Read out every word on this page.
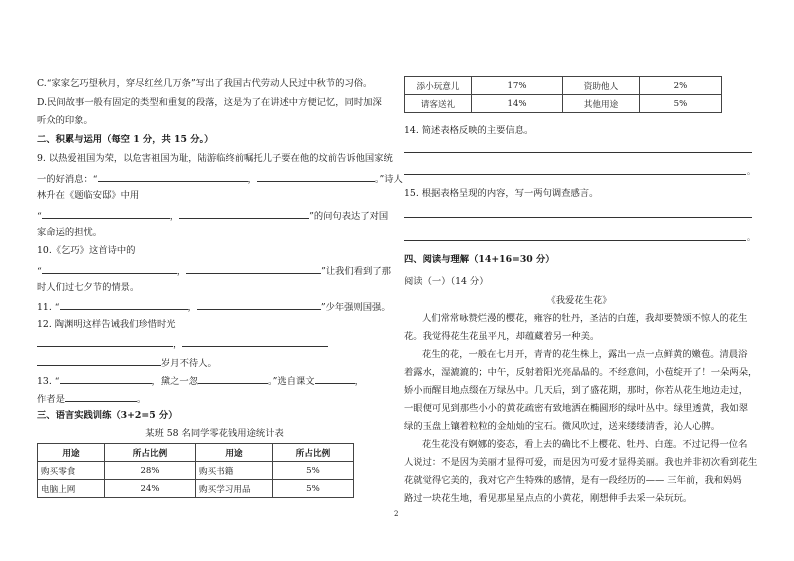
C.“家家乞巧望秋月，穿尽红丝几万条”写出了我国古代劳动人民过中秋节的习俗。
D.民间故事一般有固定的类型和重复的段落，这是为了在讲述中方便记忆，同时加深
听众的印象。
二、积累与运用（每空 1 分，共 15 分。）
9. 以热爱祖国为荣，以危害祖国为耻，陆游临终前嘱托儿子要在他的坟前告诉他国家统
一的好消息：“	，	。”诗人
林升在《题临安邸》中用
“	，	”的问句表达了对国
家命运的担忧。
10.《乞巧》这首诗中的
“	，	”让我们看到了那
时人们过七夕节的情景。
11. “	，	”少年强则国强。
12. 陶渊明这样告诫我们珍惜时光
，
岁月不待人。
13. “	，黛之一忽	。”选自课文	，
作者是	。
三、语言实践训练（3+2=5 分）
某班 58 名同学零花钱用途统计表
用途	所占比例	用途	所占比例
购买零食	28%	购买书籍	5%
电脑上网	24%	购买学习用品	5%
2
添小玩意儿	17%	资助他人	2%
请客送礼	14%	其他用途	5%
14. 简述表格反映的主要信息。
。
15. 根据表格呈现的内容，写一两句调查感言。
。
四、阅读与理解（14+16=30 分）
阅读（一）（14 分）
《我爱花生花》
人们常常咏赞烂漫的樱花，雍容的牡丹，圣洁的白莲，我却要赞颂不惊人的花生
花。我觉得花生花虽平凡，却蕴藏着另一种美。
花生的花，一般在七月开，青青的花生株上，露出一点一点鲜黄的嫩苞。清晨浴
着露水，湿漉漉的；中午，反射着阳光亮晶晶的。不经意间，小苞绽开了！一朵两朵，
娇小而醒目地点缀在万绿丛中。几天后，到了盛花期，那时，你若从花生地边走过，
一眼便可见到那些小小的黄花疏密有致地洒在椭圆形的绿叶丛中。绿里透黄，我如翠
绿的玉盘上镶着粒粒的金灿灿的宝石。微风吹过，送来缕缕清香，沁人心脾。
花生花没有婀娜的姿态，看上去的确比不上樱花、牡丹、白莲。不过记得一位名
人说过：不是因为美丽才显得可爱，而是因为可爱才显得美丽。我也并非初次看到花生
花就觉得它美的，我对它产生特殊的感情，是有一段经历的—— 三年前，我和妈妈
路过一块花生地，看见那星星点点的小黄花，刚想伸手去采一朵玩玩。
